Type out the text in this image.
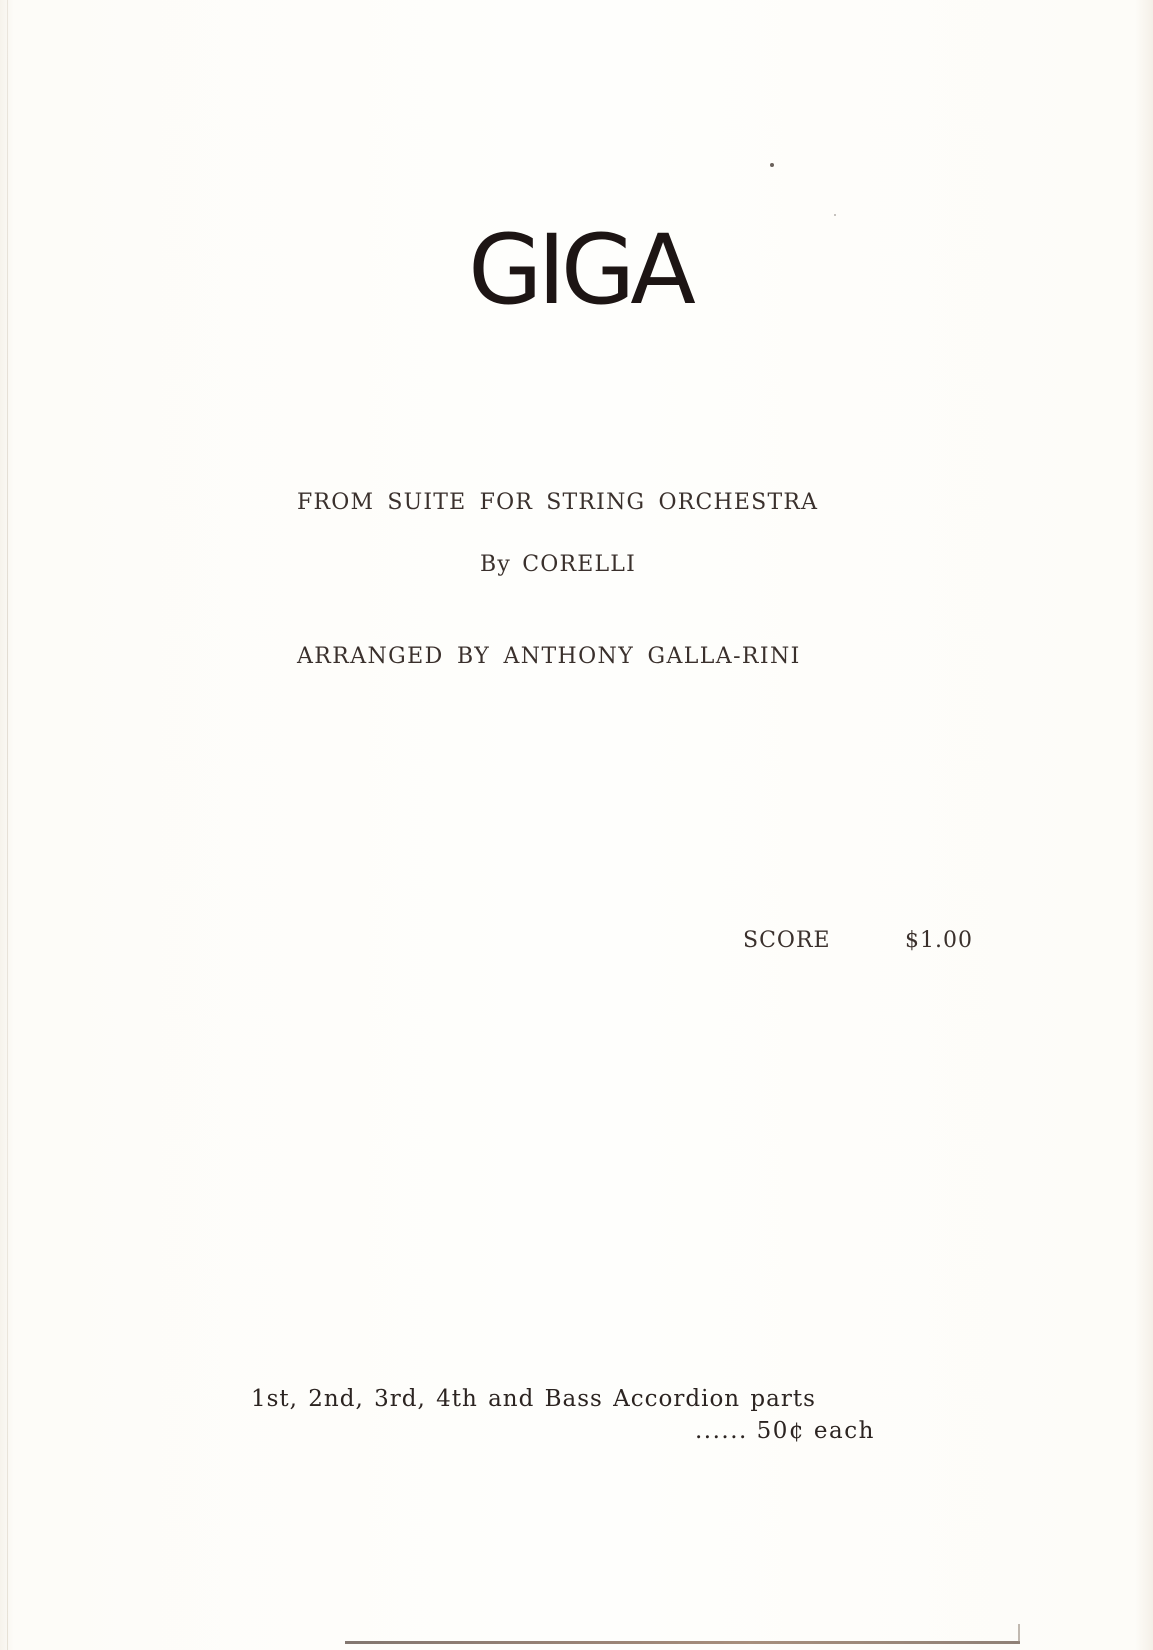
GIGA
FROM SUITE FOR STRING ORCHESTRA
By CORELLI
ARRANGED BY ANTHONY GALLA-RINI
SCORE	$1.00
1st, 2nd, 3rd, 4th and Bass Accordion parts
...... 50¢ each
